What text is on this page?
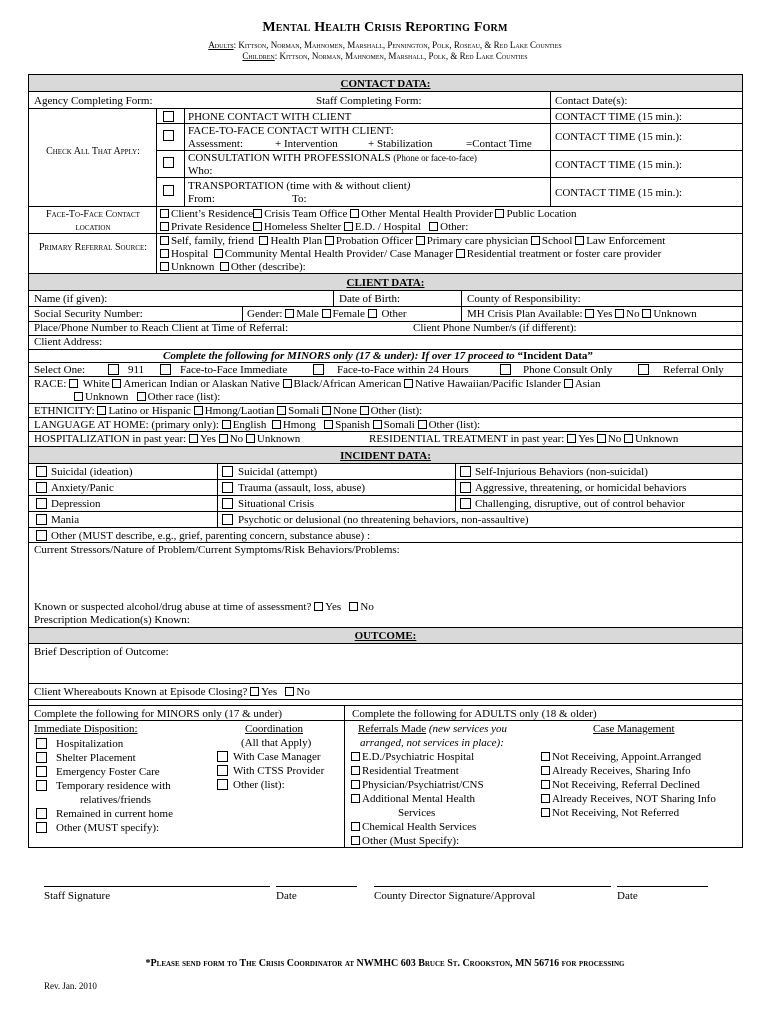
Mental Health Crisis Reporting Form
Adults: Kittson, Norman, Mahnomen, Marshall, Pennington, Polk, Roseau, & Red Lake Counties
Children: Kittson, Norman, Mahnomen, Marshall, Polk, & Red Lake Counties
CONTACT DATA:
Agency Completing Form:	Staff Completing Form:	Contact Date(s):
Check All That Apply:
PHONE CONTACT WITH CLIENT	CONTACT TIME (15 min.):
FACE-TO-FACE CONTACT WITH CLIENT:
Assessment:	+ Intervention	+ Stabilization	=Contact Time
CONTACT TIME (15 min.):
CONSULTATION WITH PROFESSIONALS (Phone or face-to-face)
Who:	CONTACT TIME (15 min.):
TRANSPORTATION (time with & without client)
From:	To:	CONTACT TIME (15 min.):
Face-To-Face Contact location
Client’s Residence Crisis Team Office Other Mental Health Provider Public Location
Private Residence Homeless Shelter E.D. / Hospital Other:
Primary Referral Source:
Self, family, friend Health Plan Probation Officer Primary care physician School Law Enforcement
Hospital Community Mental Health Provider/ Case Manager Residential treatment or foster care provider
Unknown Other (describe):
CLIENT DATA:
Name (if given):	Date of Birth:	County of Responsibility:
Social Security Number:	Gender: Male Female Other	MH Crisis Plan Available: Yes No Unknown
Place/Phone Number to Reach Client at Time of Referral:	Client Phone Number/s (if different):
Client Address:
Complete the following for MINORS only (17 & under): If over 17 proceed to “Incident Data”
Select One:	911	Face-to-Face Immediate	Face-to-Face within 24 Hours	Phone Consult Only	Referral Only
RACE: White American Indian or Alaskan Native Black/African American Native Hawaiian/Pacific Islander Asian
Unknown Other race (list):
ETHNICITY: Latino or Hispanic Hmong/Laotian Somali None Other (list):
LANGUAGE AT HOME: (primary only): English Hmong Spanish Somali Other (list):
HOSPITALIZATION in past year: Yes No Unknown	RESIDENTIAL TREATMENT in past year: Yes No Unknown
INCIDENT DATA:
Suicidal (ideation)	Suicidal (attempt)	Self-Injurious Behaviors (non-suicidal)
Anxiety/Panic	Trauma (assault, loss, abuse)	Aggressive, threatening, or homicidal behaviors
Depression	Situational Crisis	Challenging, disruptive, out of control behavior
Mania	Psychotic or delusional (no threatening behaviors, non-assaultive)
Other (MUST describe, e.g., grief, parenting concern, substance abuse) :
Current Stressors/Nature of Problem/Current Symptoms/Risk Behaviors/Problems:
Known or suspected alcohol/drug abuse at time of assessment? Yes No
Prescription Medication(s) Known:
OUTCOME:
Brief Description of Outcome:
Client Whereabouts Known at Episode Closing? Yes No
Complete the following for MINORS only (17 & under)	Complete the following for ADULTS only (18 & older)
Immediate Disposition:
Hospitalization
Shelter Placement
Emergency Foster Care
Temporary residence with
relatives/friends
Remained in current home
Other (MUST specify):
Coordination
(All that Apply)
With Case Manager
With CTSS Provider
Other (list):
Referrals Made (new services you
arranged, not services in place):
E.D./Psychiatric Hospital
Residential Treatment
Physician/Psychiatrist/CNS
Additional Mental Health
Services
Chemical Health Services
Other (Must Specify):
Case Management
Not Receiving, Appoint.Arranged
Already Receives, Sharing Info
Not Receiving, Referral Declined
Already Receives, NOT Sharing Info
Not Receiving, Not Referred
Staff Signature	Date	County Director Signature/Approval	Date
*Please send form to The Crisis Coordinator at NWMHC 603 Bruce St. Crookston, MN 56716 for processing
Rev. Jan. 2010
